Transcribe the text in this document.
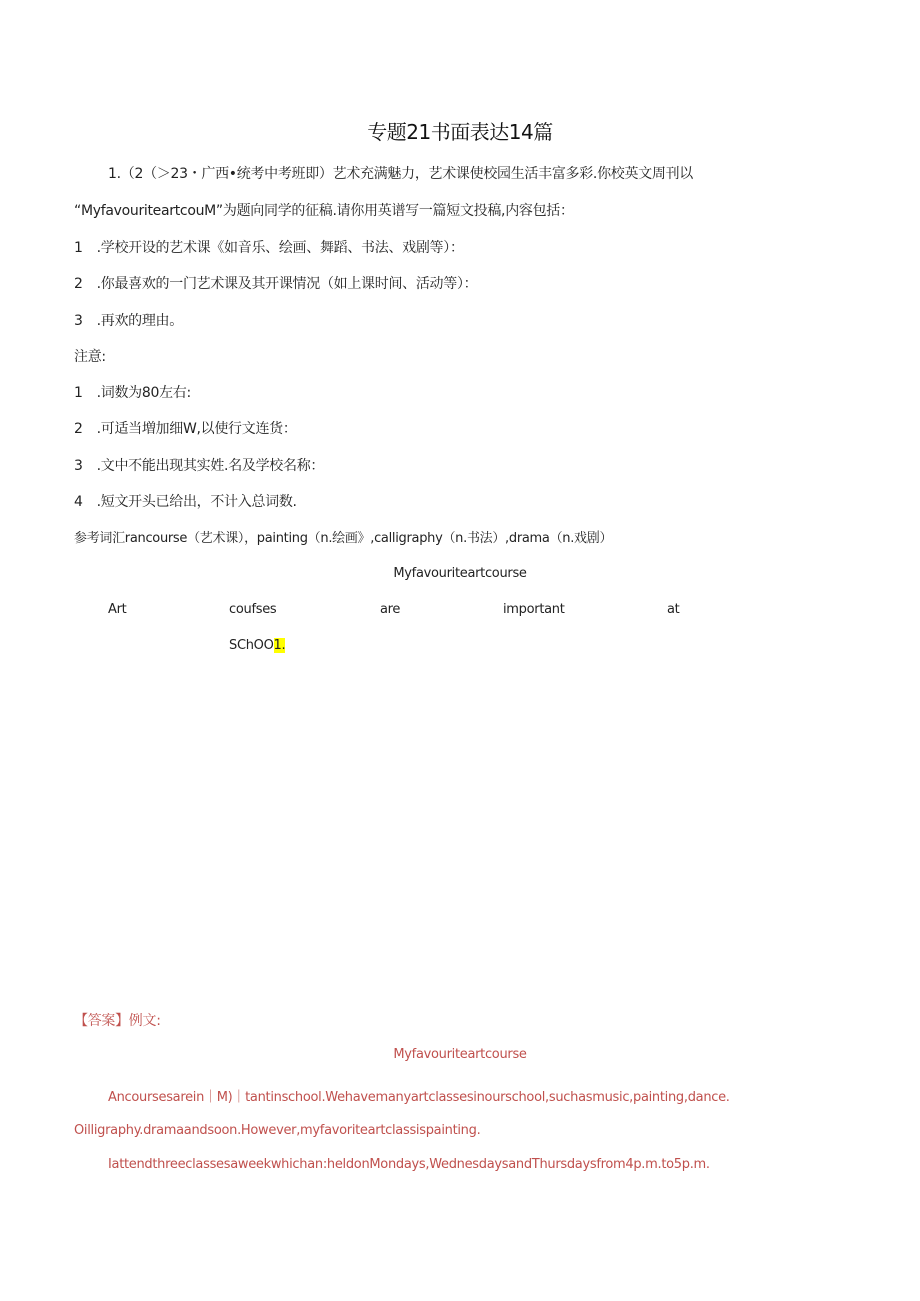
专题21书面表达14篇
1.（2（＞23・广西•统考中考班即）艺术充满魅力，艺术课使校园生活丰富多彩.你校英文周刊以
“MyfavouriteartcouM”为题向同学的征稿.请你用英谱写一篇短文投稿,内容包括：
1 .学校开设的艺术课《如音乐、绘画、舞蹈、书法、戏剧等）：
2 .你最喜欢的一门艺术课及其开课情况（如上课时间、活动等）：
3 .再欢的理由。
注意:
1 .词数为80左右:
2 .可适当増加细W,以使行文连货：
3 .文中不能出现其实姓.名及学校名称：
4 .短文开头已给出，不计入总词数.
参考词汇rancourse（艺术课），painting（n.绘画》,calligraphy（n.书法）,drama（n.戏剧）
Myfavouriteartcourse
Art	coufses	are	important	at
SChOO1.
【答案】例文:
Myfavouriteartcourse
Ancoursesarein｜M)｜tantinschool.Wehavemanyartclassesinourschool,suchasmusic,painting,dance.
Oilligraphy.dramaandsoon.However,myfavoriteartclassispainting.
Iattendthreeclassesaweekwhichan:heldonMondays,WednesdaysandThursdaysfrom4p.m.to5p.m.
